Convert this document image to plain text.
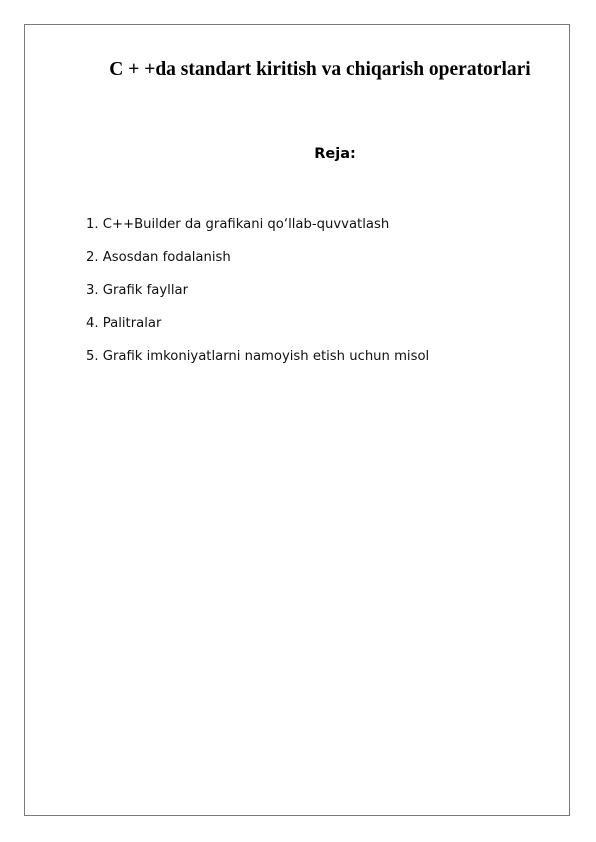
C + +da standart kiritish va chiqarish operatorlari
Reja:
1. C++Builder da grafikani qo‘llab-quvvatlash
2. Asosdan fodalanish
3. Grafik fayllar
4. Palitralar
5. Grafik imkoniyatlarni namoyish etish uchun misol
